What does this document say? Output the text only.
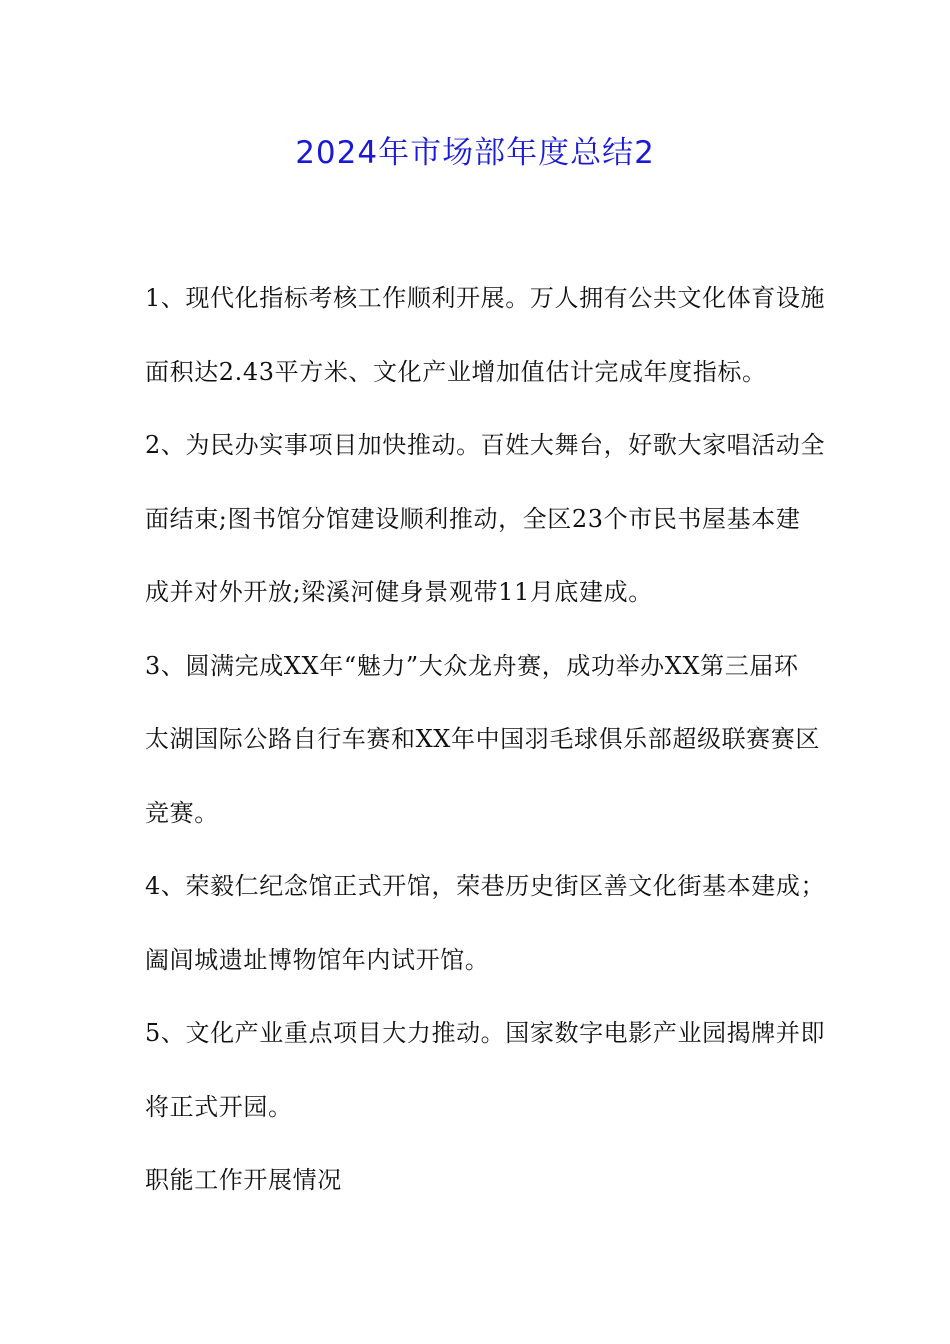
2024年市场部年度总结2

1、现代化指标考核工作顺利开展。万人拥有公共文化体育设施
面积达2.43平方米、文化产业增加值估计完成年度指标。

2、为民办实事项目加快推动。百姓大舞台，好歌大家唱活动全
面结束;图书馆分馆建设顺利推动，全区23个市民书屋基本建
成并对外开放;梁溪河健身景观带11月底建成。

3、圆满完成XX年“魅力”大众龙舟赛，成功举办XX第三届环
太湖国际公路自行车赛和XX年中国羽毛球俱乐部超级联赛赛区
竞赛。

4、荣毅仁纪念馆正式开馆，荣巷历史街区善文化街基本建成；
阖闾城遗址博物馆年内试开馆。

5、文化产业重点项目大力推动。国家数字电影产业园揭牌并即
将正式开园。

职能工作开展情况
